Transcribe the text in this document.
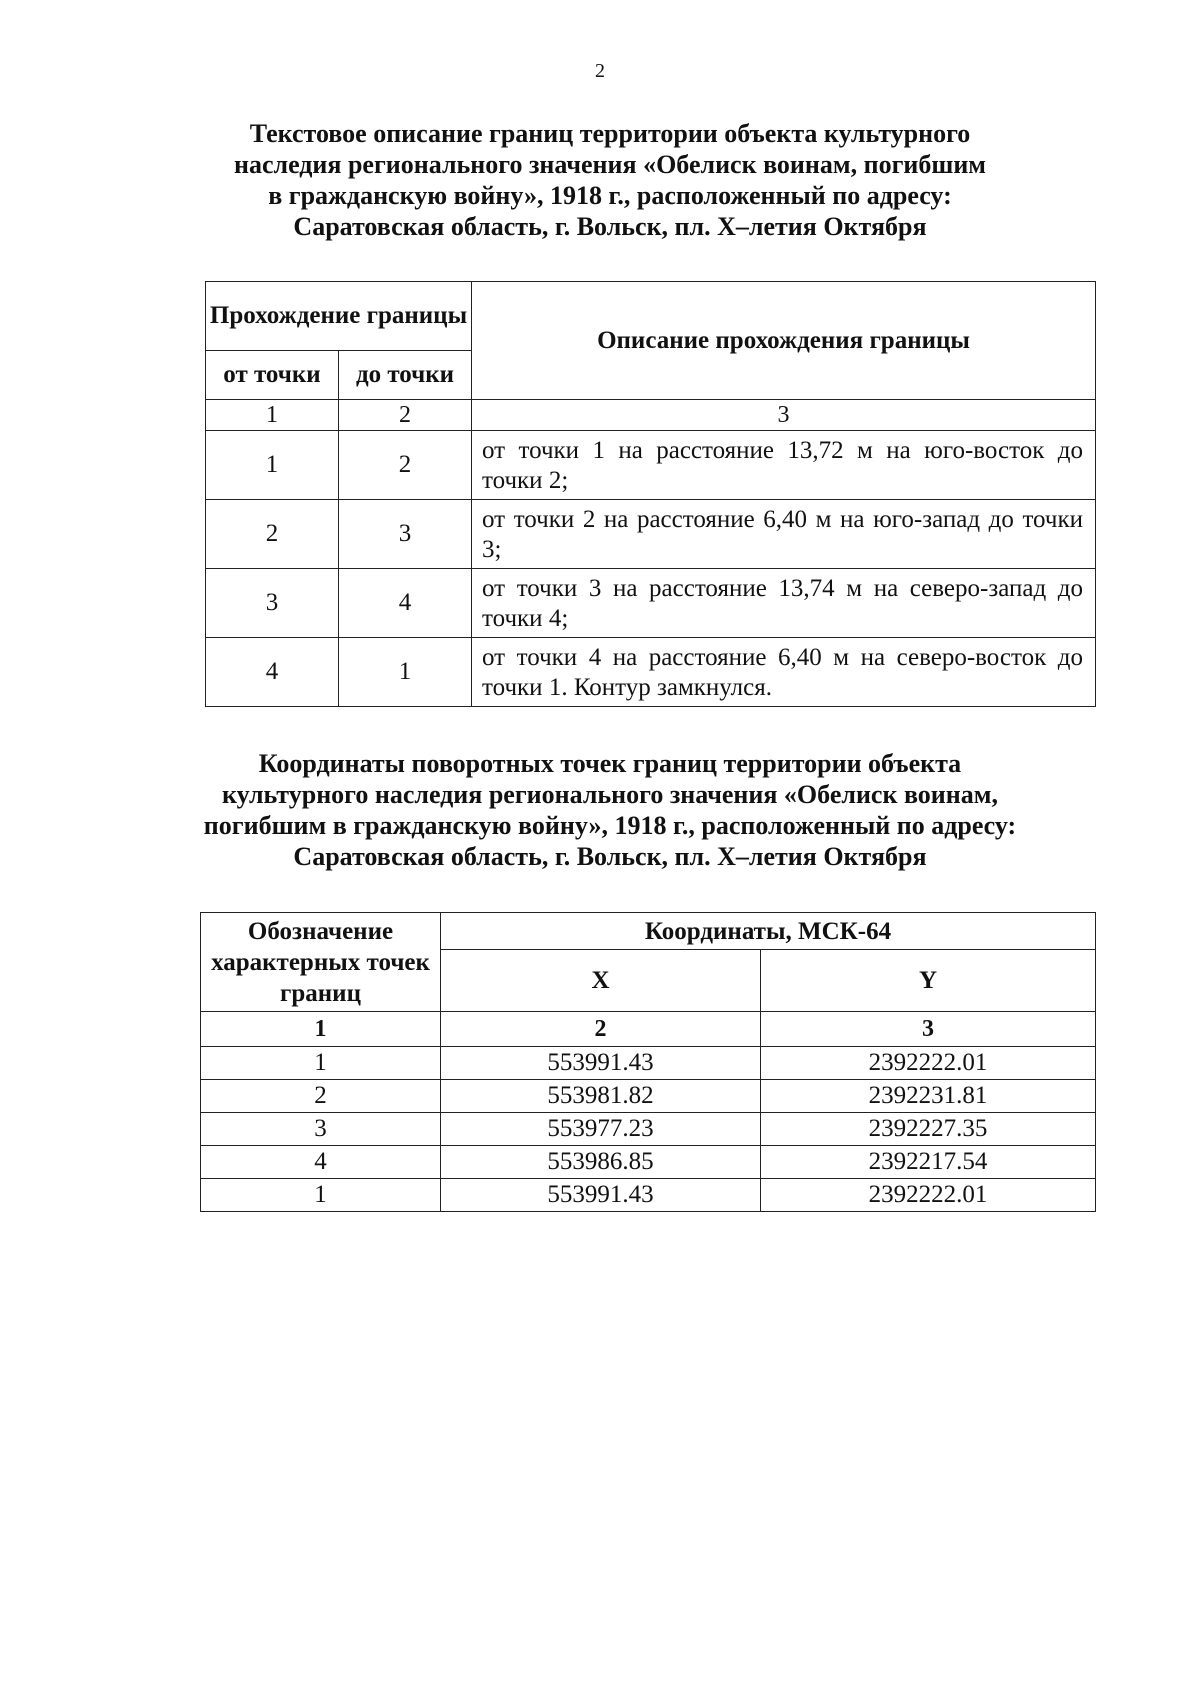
2
Текстовое описание границ территории объекта культурного
наследия регионального значения «Обелиск воинам, погибшим
в гражданскую войну», 1918 г., расположенный по адресу:
Саратовская область, г. Вольск, пл. Х–летия Октября
Прохождение границы		Описание прохождения границы
от точки	до точки	
1	2	3
1	2	от точки 1 на расстояние 13,72 м на юго-восток до точки 2;
2	3	от точки 2 на расстояние 6,40 м на юго-запад до точки 3;
3	4	от точки 3 на расстояние 13,74 м на северо-запад до точки 4;
4	1	от точки 4 на расстояние 6,40 м на северо-восток до точки 1. Контур замкнулся.
Координаты поворотных точек границ территории объекта
культурного наследия регионального значения «Обелиск воинам,
погибшим в гражданскую войну», 1918 г., расположенный по адресу:
Саратовская область, г. Вольск, пл. Х–летия Октября
Обозначение характерных точек границ	Координаты, МСК-64	
	X	Y
1	2	3
1	553991.43	2392222.01
2	553981.82	2392231.81
3	553977.23	2392227.35
4	553986.85	2392217.54
1	553991.43	2392222.01
